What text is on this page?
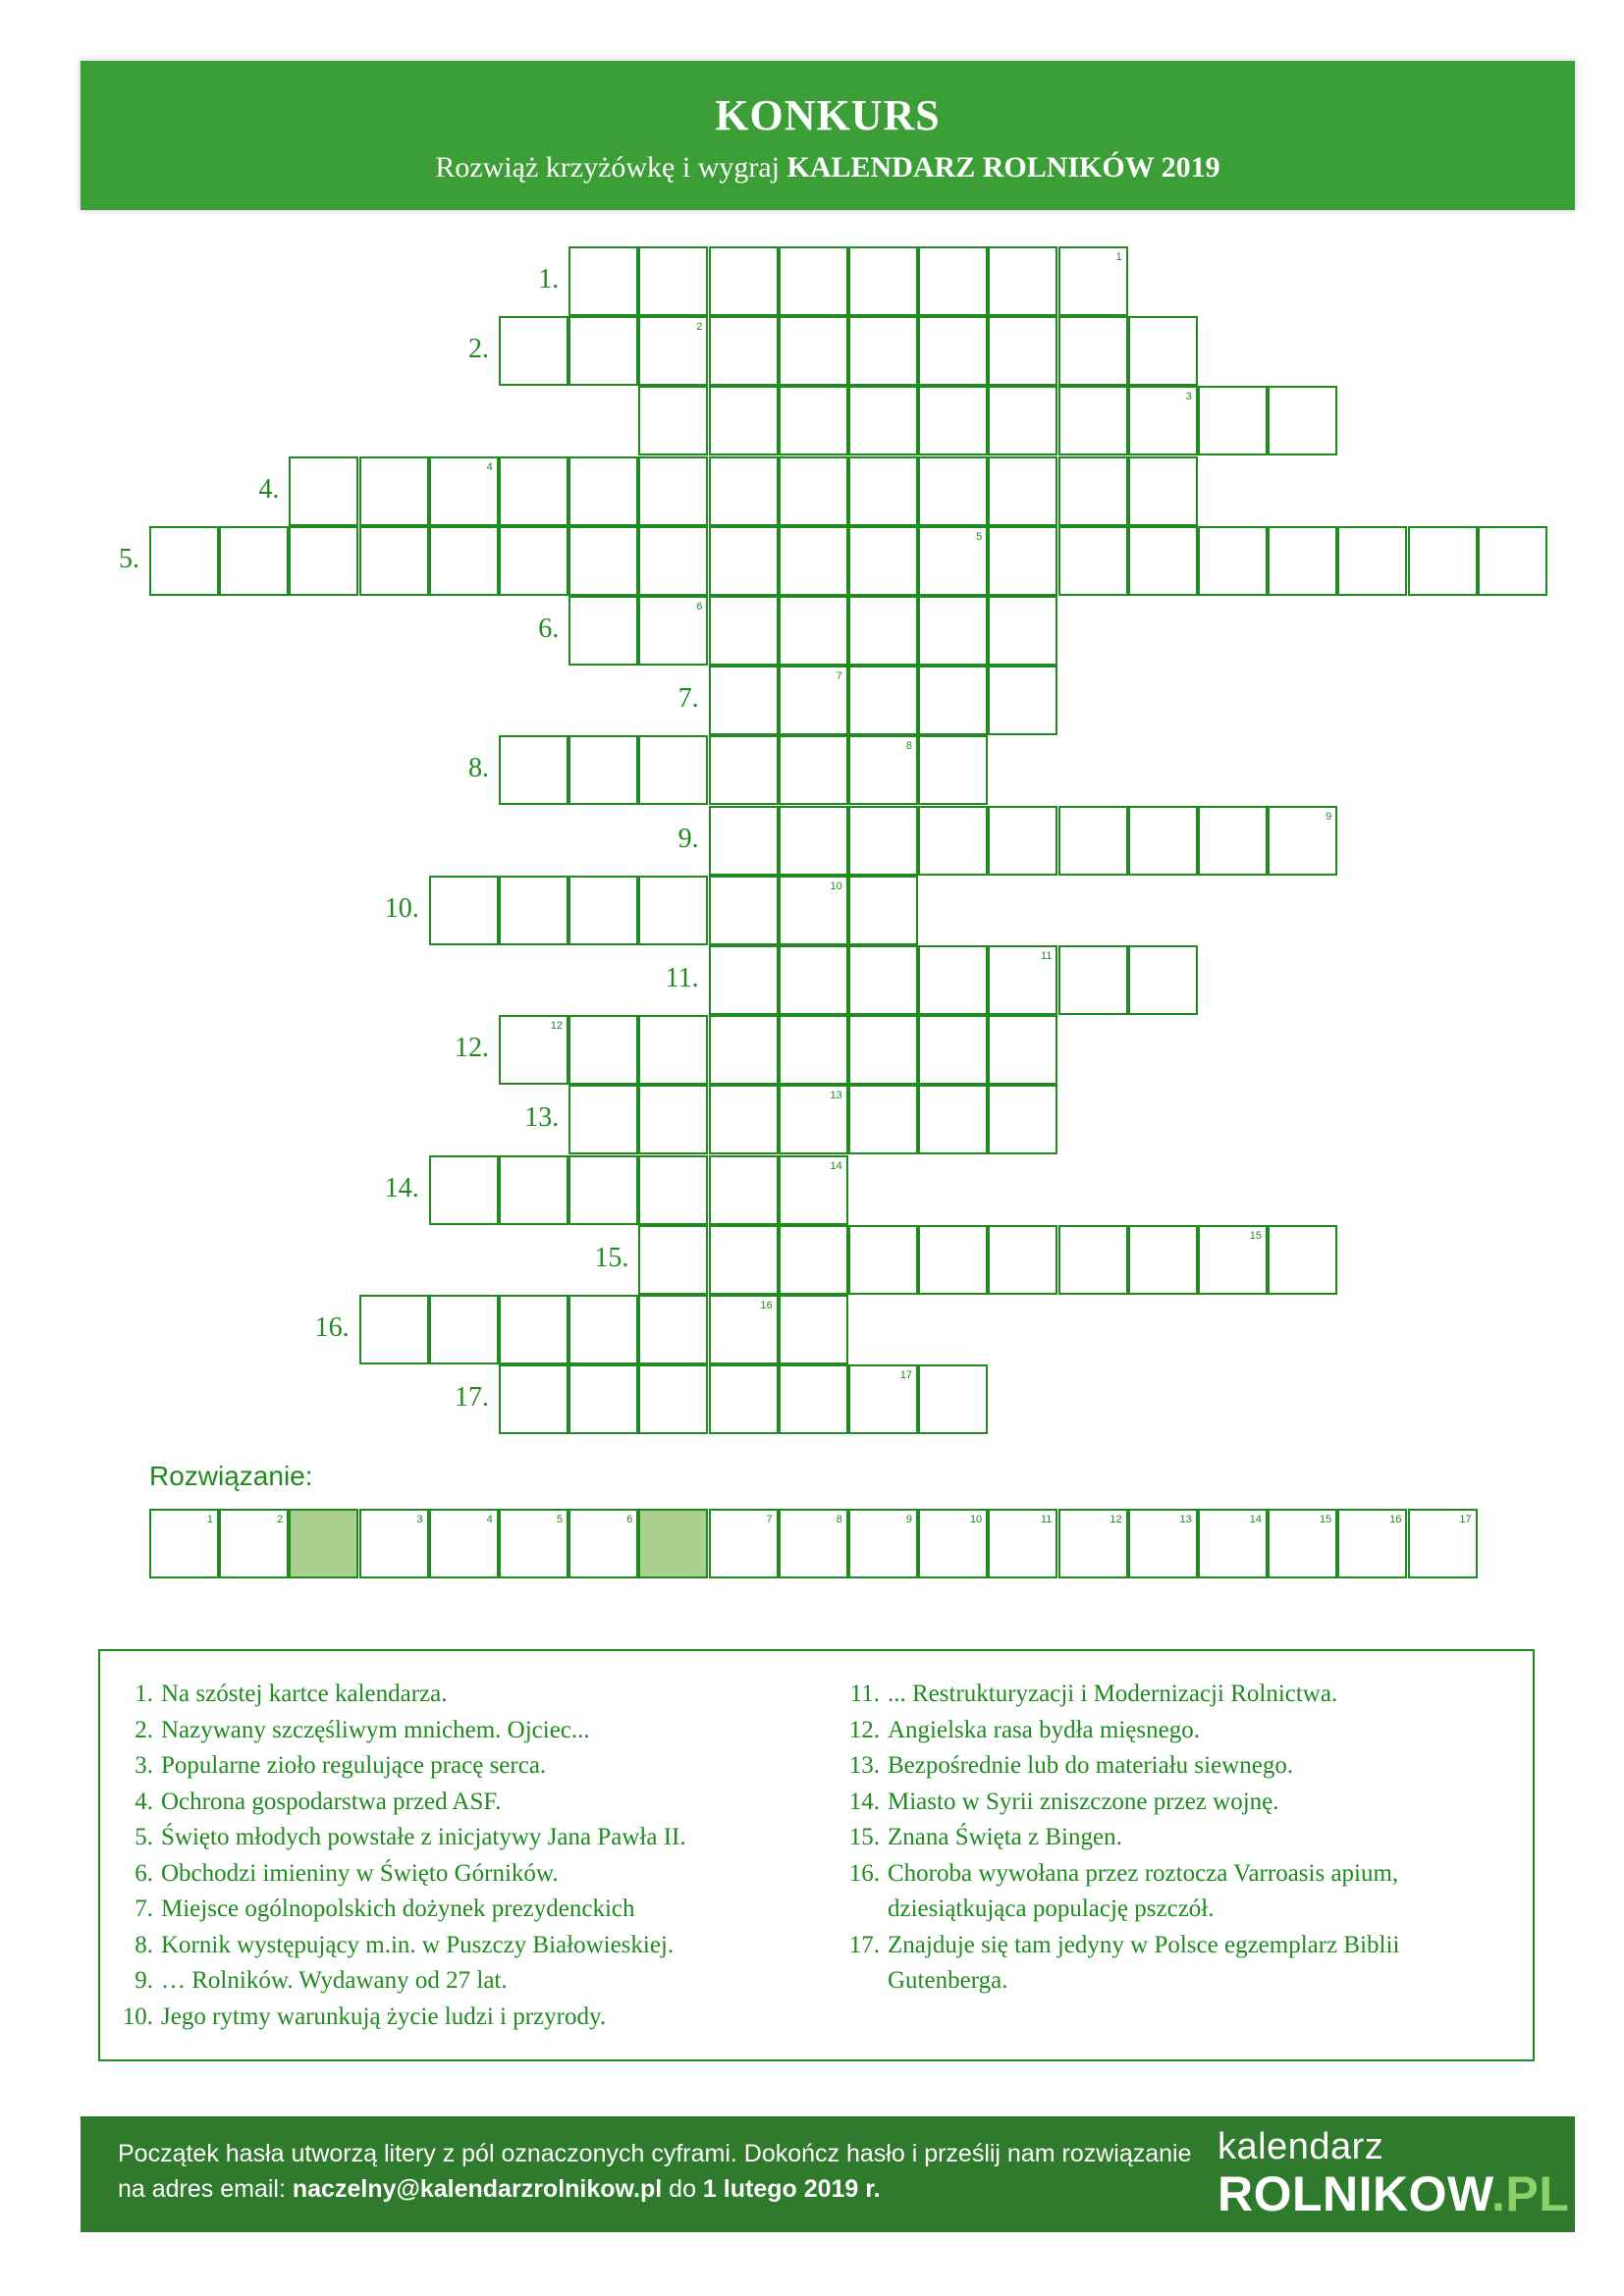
KONKURS
Rozwiąż krzyżówkę i wygraj KALENDARZ ROLNIKÓW 2019
1.
1
2.
2
3
4.
4
5.
5
6.
6
7.
7
8.
8
9.
9
10.
10
11.
11
12.
12
13.
13
14.
14
15.
15
16.
16
17.
17
Rozwiązanie:
1	2	3	4	5	6	7	8	9	10	11	12	13	14	15	16	17
1. Na szóstej kartce kalendarza.
2. Nazywany szczęśliwym mnichem. Ojciec...
3. Popularne zioło regulujące pracę serca.
4. Ochrona gospodarstwa przed ASF.
5. Święto młodych powstałe z inicjatywy Jana Pawła II.
6. Obchodzi imieniny w Święto Górników.
7. Miejsce ogólnopolskich dożynek prezydenckich
8. Kornik występujący m.in. w Puszczy Białowieskiej.
9. … Rolników. Wydawany od 27 lat.
10. Jego rytmy warunkują życie ludzi i przyrody.
11. ... Restrukturyzacji i Modernizacji Rolnictwa.
12. Angielska rasa bydła mięsnego.
13. Bezpośrednie lub do materiału siewnego.
14. Miasto w Syrii zniszczone przez wojnę.
15. Znana Święta z Bingen.
16. Choroba wywołana przez roztocza Varroasis apium, dziesiątkująca populację pszczół.
17. Znajduje się tam jedyny w Polsce egzemplarz Biblii Gutenberga.
Początek hasła utworzą litery z pól oznaczonych cyframi. Dokończ hasło i prześlij nam rozwiązanie
na adres email: naczelny@kalendarzrolnikow.pl do 1 lutego 2019 r.
kalendarz
ROLNIKOW.PL
